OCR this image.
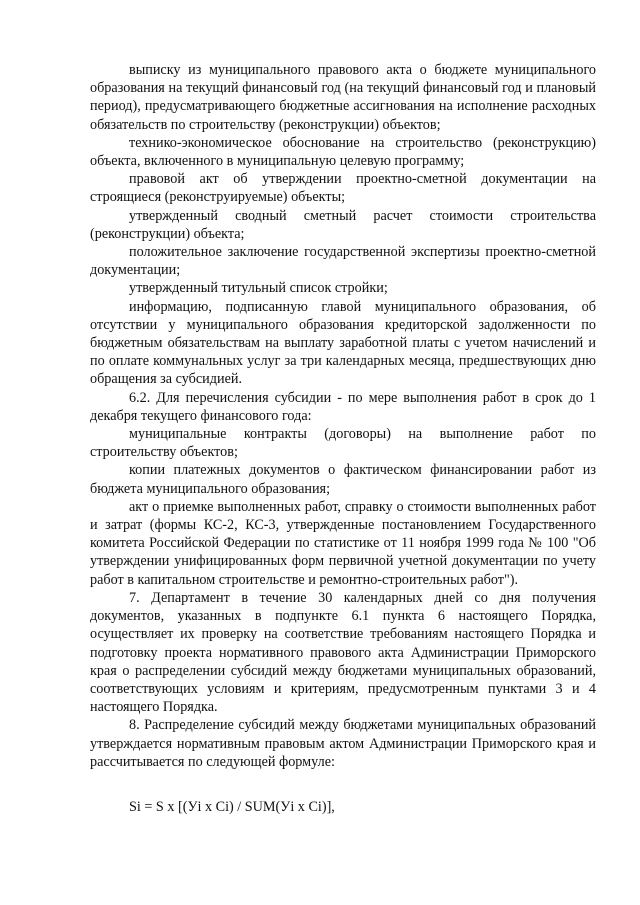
выписку из муниципального правового акта о бюджете муниципального образования на текущий финансовый год (на текущий финансовый год и плановый период), предусматривающего бюджетные ассигнования на исполнение расходных обязательств по строительству (реконструкции) объектов;

технико-экономическое обоснование на строительство (реконструкцию) объекта, включенного в муниципальную целевую программу;

правовой акт об утверждении проектно-сметной документации на строящиеся (реконструируемые) объекты;

утвержденный сводный сметный расчет стоимости строительства (реконструкции) объекта;

положительное заключение государственной экспертизы проектно-сметной документации;

утвержденный титульный список стройки;

информацию, подписанную главой муниципального образования, об отсутствии у муниципального образования кредиторской задолженности по бюджетным обязательствам на выплату заработной платы с учетом начислений и по оплате коммунальных услуг за три календарных месяца, предшествующих дню обращения за субсидией.

6.2. Для перечисления субсидии - по мере выполнения работ в срок до 1 декабря текущего финансового года:

муниципальные контракты (договоры) на выполнение работ по строительству объектов;

копии платежных документов о фактическом финансировании работ из бюджета муниципального образования;

акт о приемке выполненных работ, справку о стоимости выполненных работ и затрат (формы КС-2, КС-3, утвержденные постановлением Государственного комитета Российской Федерации по статистике от 11 ноября 1999 года № 100 "Об утверждении унифицированных форм первичной учетной документации по учету работ в капитальном строительстве и ремонтно-строительных работ").

7. Департамент в течение 30 календарных дней со дня получения документов, указанных в подпункте 6.1 пункта 6 настоящего Порядка, осуществляет их проверку на соответствие требованиям настоящего Порядка и подготовку проекта нормативного правового акта Администрации Приморского края о распределении субсидий между бюджетами муниципальных образований, соответствующих условиям и критериям, предусмотренным пунктами 3 и 4 настоящего Порядка.

8. Распределение субсидий между бюджетами муниципальных образований утверждается нормативным правовым актом Администрации Приморского края и рассчитывается по следующей формуле:

Si = S x [(Уi x Ci) / SUM(Уi x Ci)],
